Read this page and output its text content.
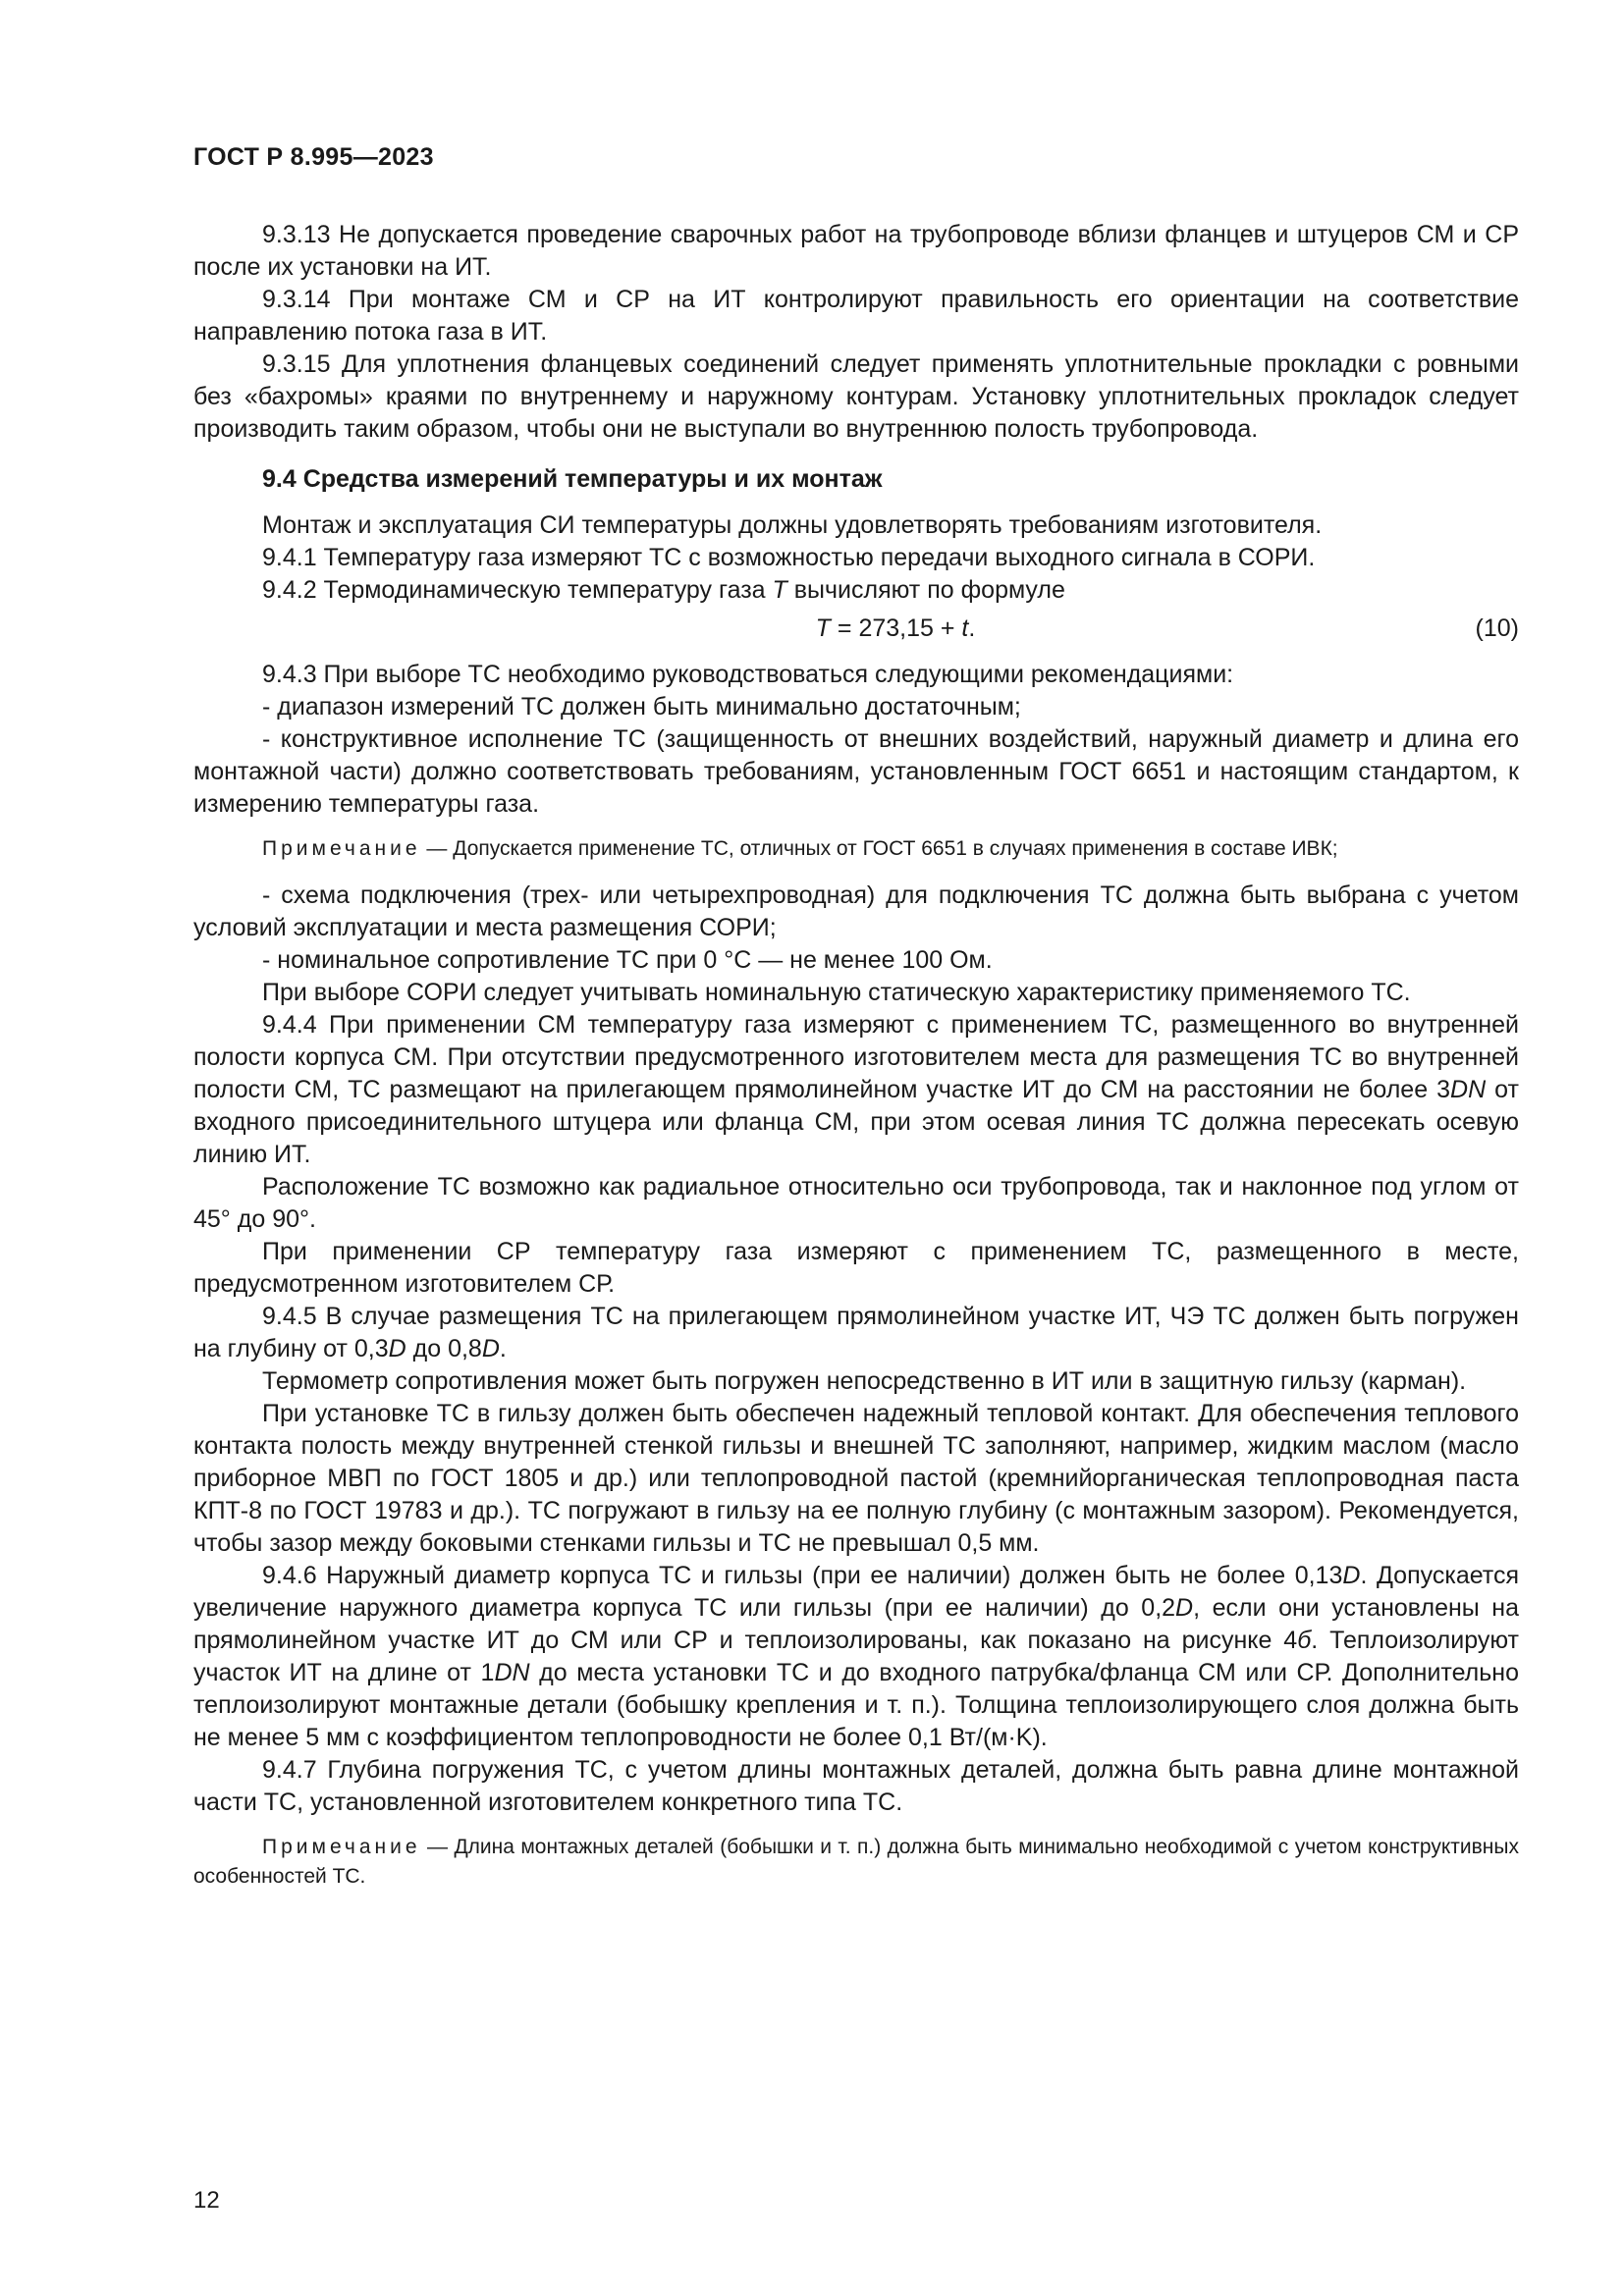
ГОСТ Р 8.995—2023

9.3.13 Не допускается проведение сварочных работ на трубопроводе вблизи фланцев и штуцеров СМ и СР после их установки на ИТ.

9.3.14 При монтаже СМ и СР на ИТ контролируют правильность его ориентации на соответствие направлению потока газа в ИТ.

9.3.15 Для уплотнения фланцевых соединений следует применять уплотнительные прокладки с ровными без «бахромы» краями по внутреннему и наружному контурам. Установку уплотнительных прокладок следует производить таким образом, чтобы они не выступали во внутреннюю полость трубопровода.

9.4 Средства измерений температуры и их монтаж

Монтаж и эксплуатация СИ температуры должны удовлетворять требованиям изготовителя.

9.4.1 Температуру газа измеряют ТС с возможностью передачи выходного сигнала в СОРИ.

9.4.2 Термодинамическую температуру газа T вычисляют по формуле

T = 273,15 + t.	(10)

9.4.3 При выборе ТС необходимо руководствоваться следующими рекомендациями:

- диапазон измерений ТС должен быть минимально достаточным;

- конструктивное исполнение ТС (защищенность от внешних воздействий, наружный диаметр и длина его монтажной части) должно соответствовать требованиям, установленным ГОСТ 6651 и настоящим стандартом, к измерению температуры газа.

Примечание — Допускается применение ТС, отличных от ГОСТ 6651 в случаях применения в составе ИВК;

- схема подключения (трех- или четырехпроводная) для подключения ТС должна быть выбрана с учетом условий эксплуатации и места размещения СОРИ;

- номинальное сопротивление ТС при 0 °С — не менее 100 Ом.

При выборе СОРИ следует учитывать номинальную статическую характеристику применяемого ТС.

9.4.4 При применении СМ температуру газа измеряют с применением ТС, размещенного во внутренней полости корпуса СМ. При отсутствии предусмотренного изготовителем места для размещения ТС во внутренней полости СМ, ТС размещают на прилегающем прямолинейном участке ИТ до СМ на расстоянии не более 3DN от входного присоединительного штуцера или фланца СМ, при этом осевая линия ТС должна пересекать осевую линию ИТ.

Расположение ТС возможно как радиальное относительно оси трубопровода, так и наклонное под углом от 45° до 90°.

При применении СР температуру газа измеряют с применением ТС, размещенного в месте, предусмотренном изготовителем СР.

9.4.5 В случае размещения ТС на прилегающем прямолинейном участке ИТ, ЧЭ ТС должен быть погружен на глубину от 0,3D до 0,8D.

Термометр сопротивления может быть погружен непосредственно в ИТ или в защитную гильзу (карман).

При установке ТС в гильзу должен быть обеспечен надежный тепловой контакт. Для обеспечения теплового контакта полость между внутренней стенкой гильзы и внешней ТС заполняют, например, жидким маслом (масло приборное МВП по ГОСТ 1805 и др.) или теплопроводной пастой (кремнийорганическая теплопроводная паста КПТ-8 по ГОСТ 19783 и др.). ТС погружают в гильзу на ее полную глубину (с монтажным зазором). Рекомендуется, чтобы зазор между боковыми стенками гильзы и ТС не превышал 0,5 мм.

9.4.6 Наружный диаметр корпуса ТС и гильзы (при ее наличии) должен быть не более 0,13D. Допускается увеличение наружного диаметра корпуса ТС или гильзы (при ее наличии) до 0,2D, если они установлены на прямолинейном участке ИТ до СМ или СР и теплоизолированы, как показано на рисунке 4б. Теплоизолируют участок ИТ на длине от 1DN до места установки ТС и до входного патрубка/фланца СМ или СР. Дополнительно теплоизолируют монтажные детали (бобышку крепления и т. п.). Толщина теплоизолирующего слоя должна быть не менее 5 мм с коэффициентом теплопроводности не более 0,1 Вт/(м·K).

9.4.7 Глубина погружения ТС, с учетом длины монтажных деталей, должна быть равна длине монтажной части ТС, установленной изготовителем конкретного типа ТС.

Примечание — Длина монтажных деталей (бобышки и т. п.) должна быть минимально необходимой с учетом конструктивных особенностей ТС.

12
